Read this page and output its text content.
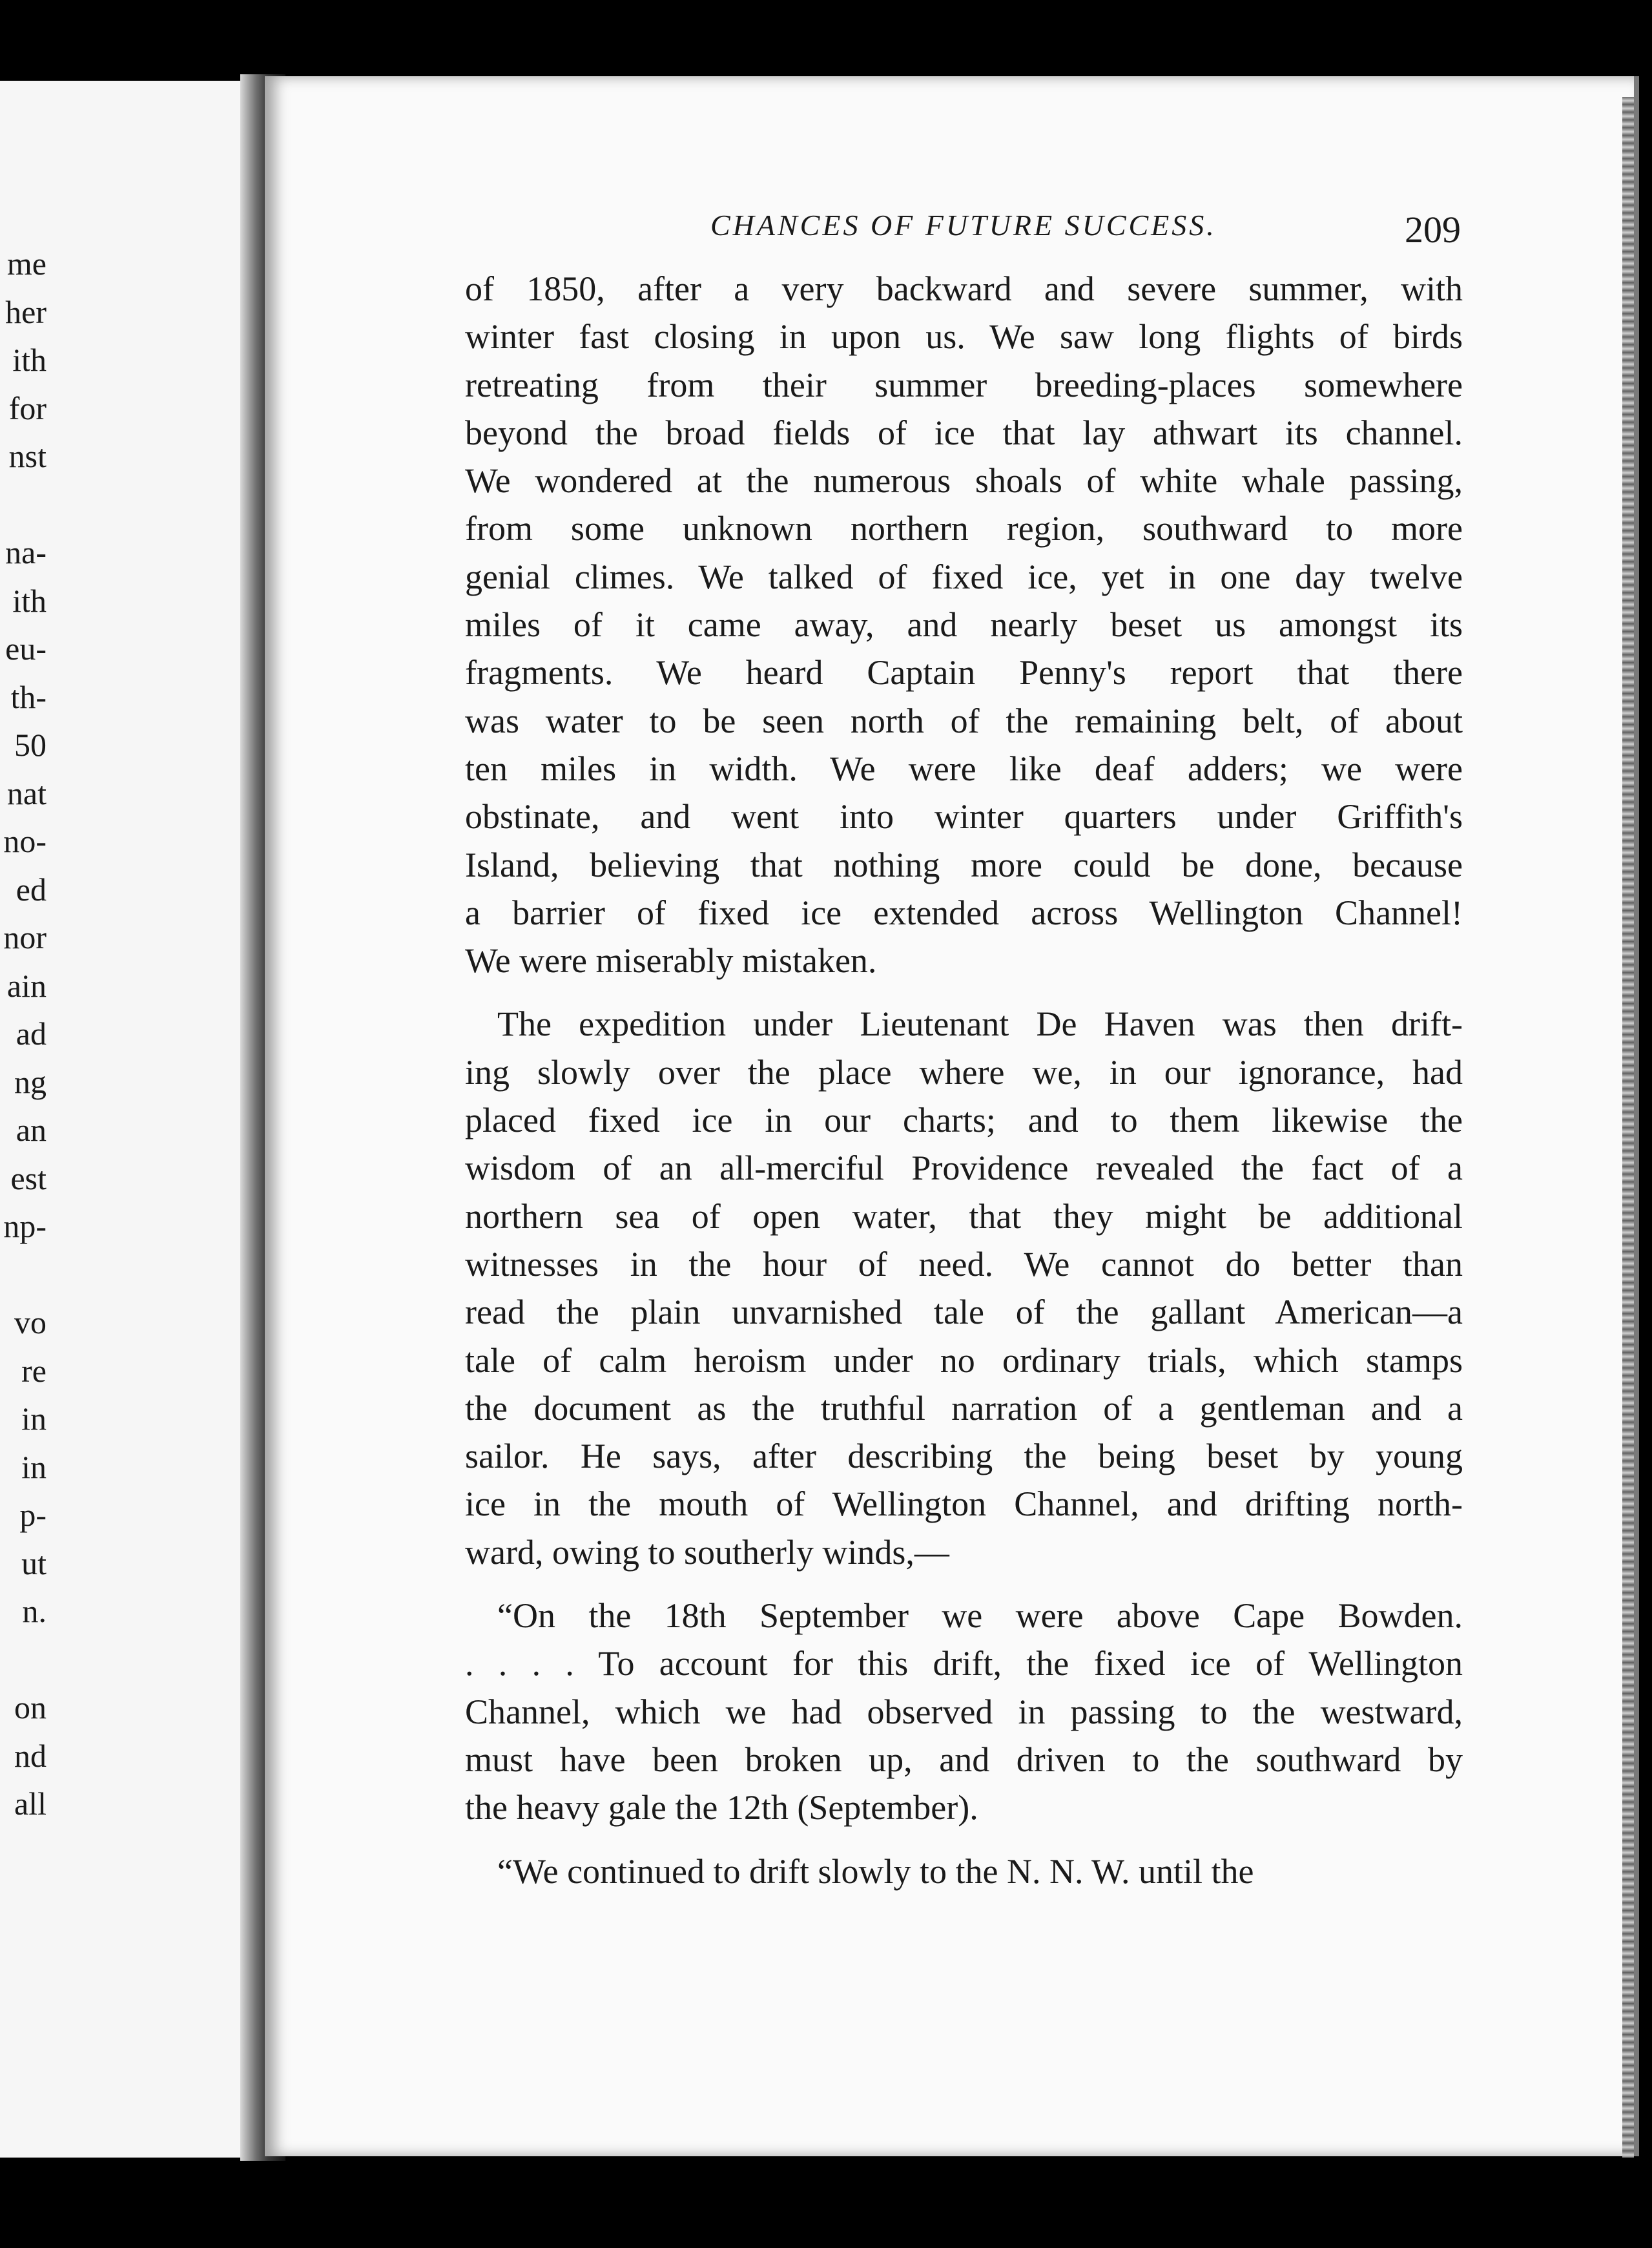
me
her
ith
for
nst
na-
ith
eu-
th-
50
nat
no-
ed
nor
ain
ad
ng
an
est
np-
vo
re
in
in
p-
ut
n.
on
nd
all
CHANCES OF FUTURE SUCCESS.	209
of 1850, after a very backward and severe summer, with
winter fast closing in upon us. We saw long flights of birds
retreating from their summer breeding-places somewhere
beyond the broad fields of ice that lay athwart its channel.
We wondered at the numerous shoals of white whale passing,
from some unknown northern region, southward to more
genial climes. We talked of fixed ice, yet in one day twelve
miles of it came away, and nearly beset us amongst its
fragments. We heard Captain Penny's report that there
was water to be seen north of the remaining belt, of about
ten miles in width. We were like deaf adders; we were
obstinate, and went into winter quarters under Griffith's
Island, believing that nothing more could be done, because
a barrier of fixed ice extended across Wellington Channel!
We were miserably mistaken.
The expedition under Lieutenant De Haven was then drift-
ing slowly over the place where we, in our ignorance, had
placed fixed ice in our charts; and to them likewise the
wisdom of an all-merciful Providence revealed the fact of a
northern sea of open water, that they might be additional
witnesses in the hour of need. We cannot do better than
read the plain unvarnished tale of the gallant American—a
tale of calm heroism under no ordinary trials, which stamps
the document as the truthful narration of a gentleman and a
sailor. He says, after describing the being beset by young
ice in the mouth of Wellington Channel, and drifting north-
ward, owing to southerly winds,—
“On the 18th September we were above Cape Bowden.
. . . . To account for this drift, the fixed ice of Wellington
Channel, which we had observed in passing to the westward,
must have been broken up, and driven to the southward by
the heavy gale the 12th (September).
“We continued to drift slowly to the N. N. W. until the
